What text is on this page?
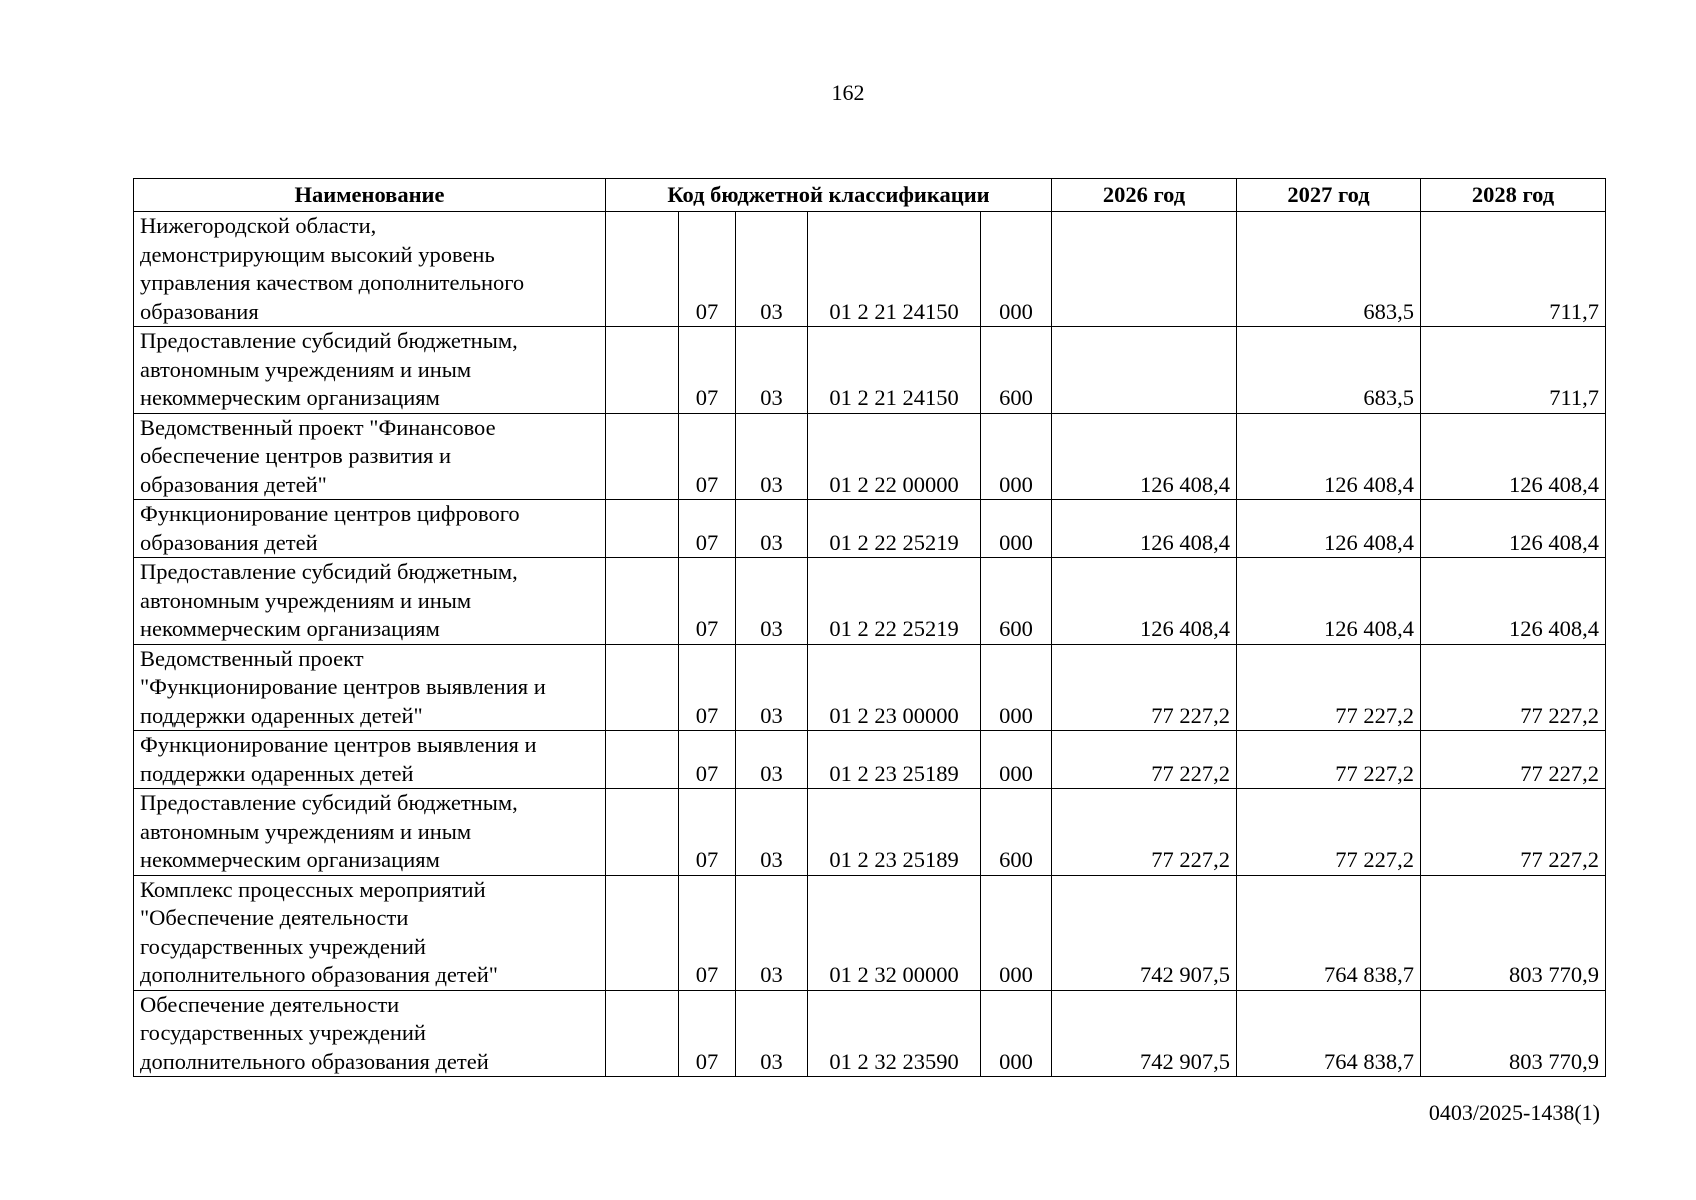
162
Наименование	Код бюджетной классификации					2026 год	2027 год	2028 год

Нижегородской области,
демонстрирующим высокий уровень
управления качеством дополнительного
образования		07	03	01 2 21 24150	000		683,5	711,7

Предоставление субсидий бюджетным,
автономным учреждениям и иным
некоммерческим организациям		07	03	01 2 21 24150	600		683,5	711,7

Ведомственный проект "Финансовое
обеспечение центров развития и
образования детей"		07	03	01 2 22 00000	000	126 408,4	126 408,4	126 408,4

Функционирование центров цифрового
образования детей		07	03	01 2 22 25219	000	126 408,4	126 408,4	126 408,4

Предоставление субсидий бюджетным,
автономным учреждениям и иным
некоммерческим организациям		07	03	01 2 22 25219	600	126 408,4	126 408,4	126 408,4

Ведомственный проект
"Функционирование центров выявления и
поддержки одаренных детей"		07	03	01 2 23 00000	000	77 227,2	77 227,2	77 227,2

Функционирование центров выявления и
поддержки одаренных детей		07	03	01 2 23 25189	000	77 227,2	77 227,2	77 227,2

Предоставление субсидий бюджетным,
автономным учреждениям и иным
некоммерческим организациям		07	03	01 2 23 25189	600	77 227,2	77 227,2	77 227,2

Комплекс процессных мероприятий
"Обеспечение деятельности
государственных учреждений
дополнительного образования детей"		07	03	01 2 32 00000	000	742 907,5	764 838,7	803 770,9

Обеспечение деятельности
государственных учреждений
дополнительного образования детей		07	03	01 2 32 23590	000	742 907,5	764 838,7	803 770,9
0403/2025-1438(1)
